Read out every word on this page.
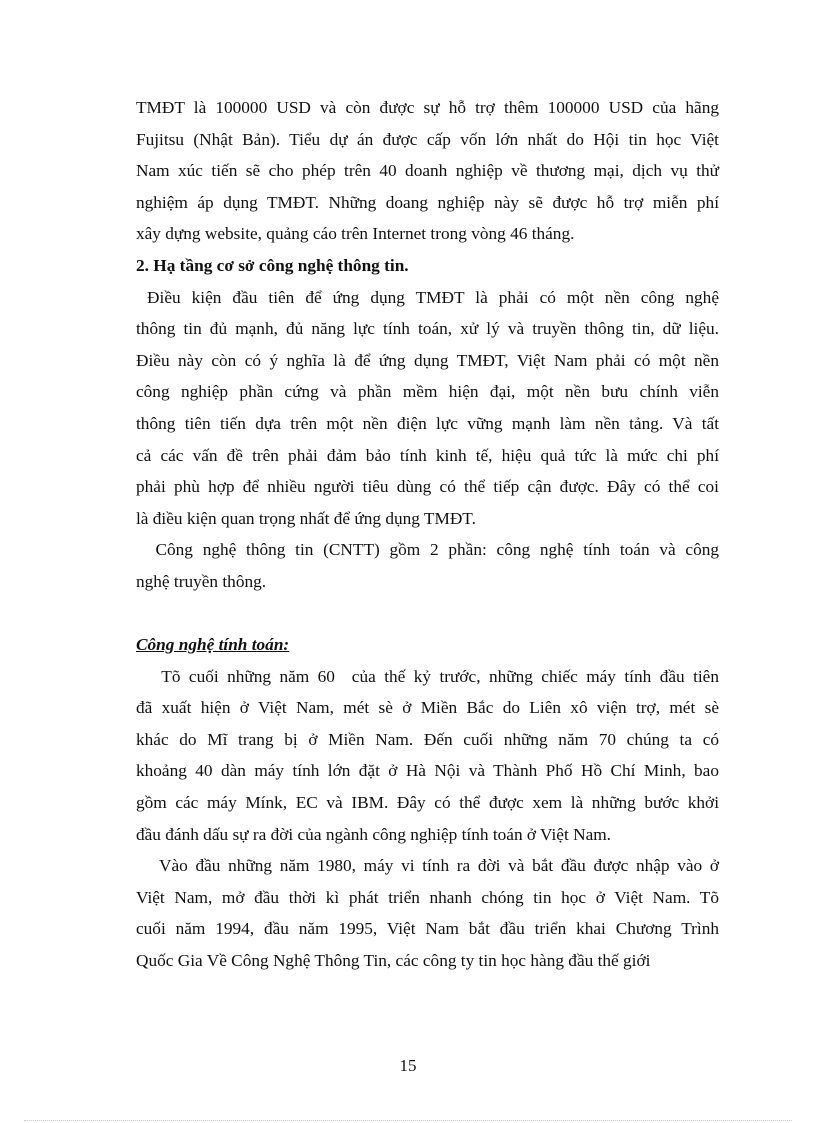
TMĐT là 100000 USD và còn được sự hỗ trợ thêm 100000 USD của hãng
Fujitsu (Nhật Bản). Tiểu dự án được cấp vốn lớn nhất do Hội tin học Việt
Nam xúc tiến sẽ cho phép trên 40 doanh nghiệp về thương mại, dịch vụ thử
nghiệm áp dụng TMĐT. Những doang nghiệp này sẽ được hỗ trợ miễn phí
xây dựng website, quảng cáo trên Internet trong vòng 46 tháng.
2. Hạ tầng cơ sở công nghệ thông tin.
Điều kiện đầu tiên để ứng dụng TMĐT là phải có một nền công nghệ
thông tin đủ mạnh, đủ năng lực tính toán, xử lý và truyền thông tin, dữ liệu.
Điều này còn có ý nghĩa là để ứng dụng TMĐT, Việt Nam phải có một nền
công nghiệp phần cứng và phần mềm hiện đại, một nền bưu chính viễn
thông tiên tiến dựa trên một nền điện lực vững mạnh làm nền tảng. Và tất
cả các vấn đề trên phải đảm bảo tính kinh tế, hiệu quả tức là mức chi phí
phải phù hợp để nhiều người tiêu dùng có thể tiếp cận được. Đây có thể coi
là điều kiện quan trọng nhất để ứng dụng TMĐT.
Công nghệ thông tin (CNTT) gồm 2 phần: công nghệ tính toán và công
nghệ truyền thông.
Công nghệ tính toán:
Tõ cuối những năm 60  của thế kỷ trước, những chiếc máy tính đầu tiên
đã xuất hiện ở Việt Nam, mét sè ở Miền Bắc do Liên xô viện trợ, mét sè
khác do Mĩ trang bị ở Miền Nam. Đến cuối những năm 70 chúng ta có
khoảng 40 dàn máy tính lớn đặt ở Hà Nội và Thành Phố Hồ Chí Minh, bao
gồm các máy Mínk, EC và IBM. Đây có thể được xem là những bước khởi
đầu đánh dấu sự ra đời của ngành công nghiệp tính toán ở Việt Nam.
Vào đầu những năm 1980, máy vi tính ra đời và bắt đầu được nhập vào ở
Việt Nam, mở đầu thời kì phát triển nhanh chóng tin học ở Việt Nam. Tõ
cuối năm 1994, đầu năm 1995, Việt Nam bắt đầu triển khai Chương Trình
Quốc Gia Về Công Nghệ Thông Tin, các công ty tin học hàng đầu thế giới
15
